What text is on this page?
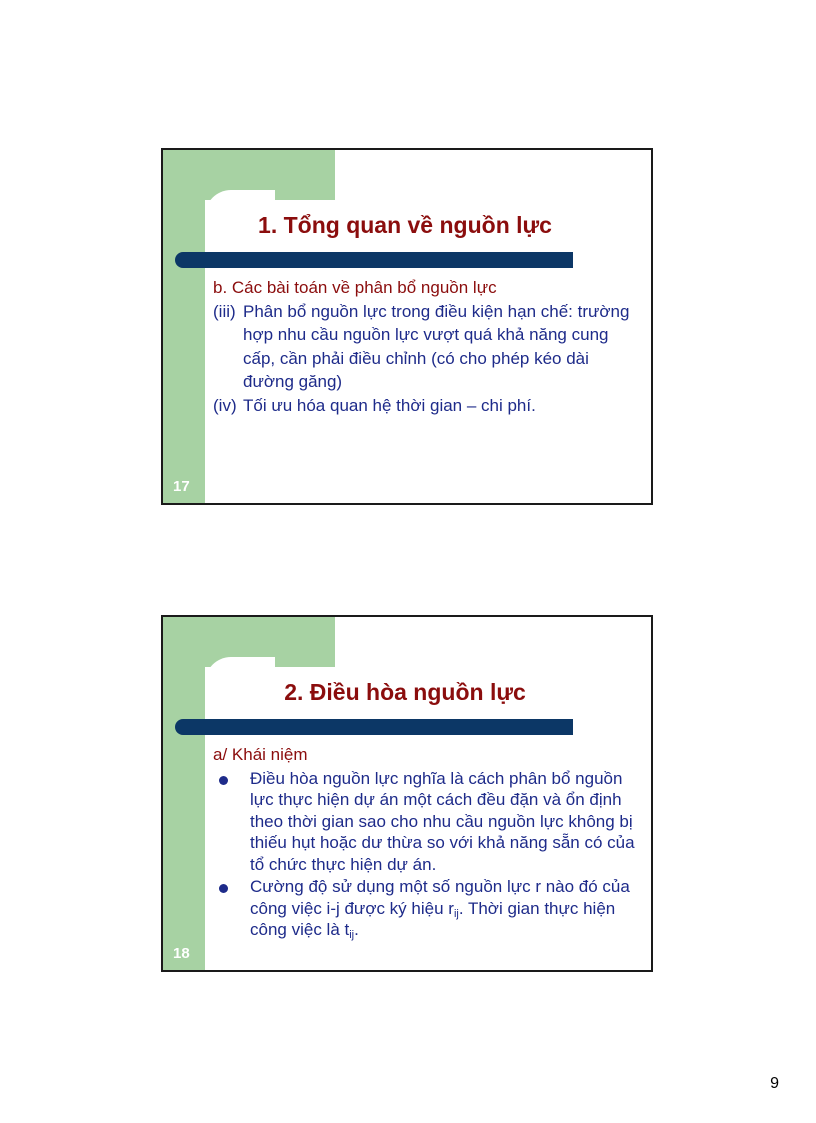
1. Tổng quan về nguồn lực
17
b. Các bài toán về phân bổ nguồn lực
(iii) Phân bổ nguồn lực trong điều kiện hạn chế: trường hợp nhu cầu nguồn lực vượt quá khả năng cung cấp, cần phải điều chỉnh (có cho phép kéo dài đường găng)
(iv) Tối ưu hóa quan hệ thời gian – chi phí.
2. Điều hòa nguồn lực
18
a/ Khái niệm
Điều hòa nguồn lực nghĩa là cách phân bổ nguồn lực thực hiện dự án một cách đều đặn và ổn định theo thời gian sao cho nhu cầu nguồn lực không bị thiếu hụt hoặc dư thừa so với khả năng sẵn có của tổ chức thực hiện dự án.
Cường độ sử dụng một số nguồn lực r nào đó của công việc i-j được ký hiệu $r_{ij}$. Thời gian thực hiện công việc là $t_{ij}$.
9
